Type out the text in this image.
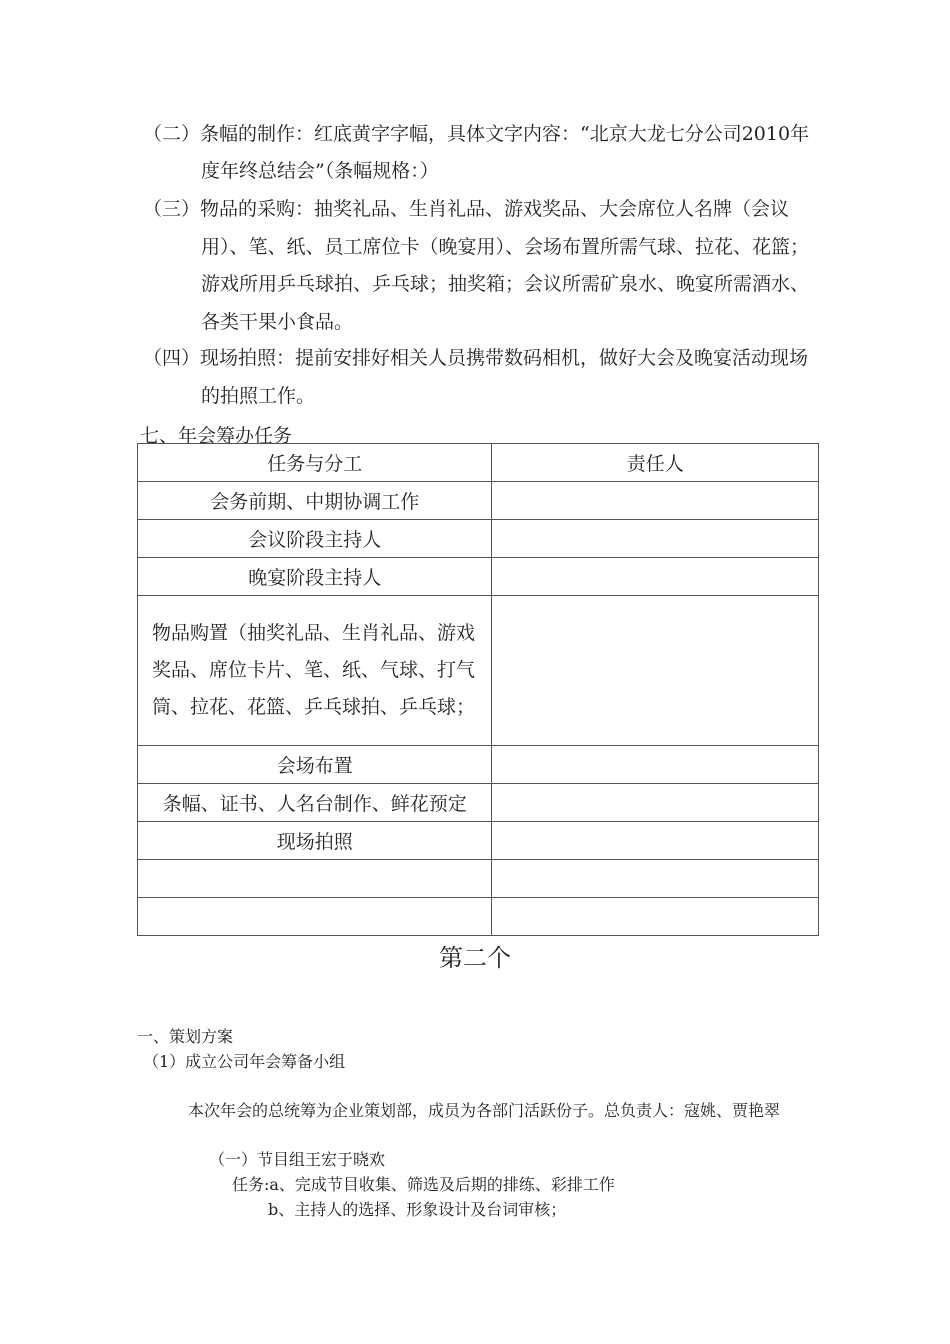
（二）条幅的制作：红底黄字字幅，具体文字内容：“北京大龙七分公司2010年
度年终总结会”（条幅规格：）
（三）物品的采购：抽奖礼品、生肖礼品、游戏奖品、大会席位人名牌（会议
用）、笔、纸、员工席位卡（晚宴用）、会场布置所需气球、拉花、花篮；
游戏所用乒乓球拍、乒乓球；抽奖箱；会议所需矿泉水、晚宴所需酒水、
各类干果小食品。
（四）现场拍照：提前安排好相关人员携带数码相机，做好大会及晚宴活动现场
的拍照工作。
七、年会筹办任务
任务与分工	责任人
会务前期、中期协调工作	
会议阶段主持人	
晚宴阶段主持人	
物品购置（抽奖礼品、生肖礼品、游戏奖品、席位卡片、笔、纸、气球、打气筒、拉花、花篮、乒乓球拍、乒乓球；	
会场布置	
条幅、证书、人名台制作、鲜花预定	
现场拍照	

第二个
一、策划方案
（1）成立公司年会筹备小组
本次年会的总统筹为企业策划部，成员为各部门活跃份子。总负责人：寇姚、贾艳翠
（一）节目组王宏于晓欢
任务:a、完成节目收集、筛选及后期的排练、彩排工作
b、主持人的选择、形象设计及台词审核；
